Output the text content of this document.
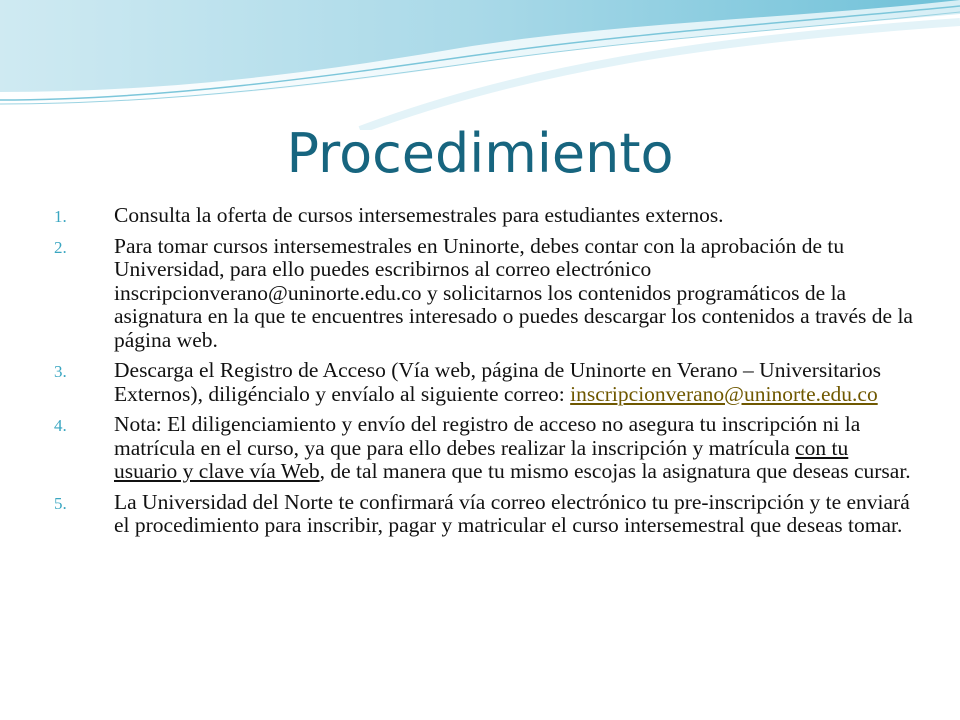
Procedimiento
1.	Consulta la oferta de cursos intersemestrales para estudiantes externos.
2.	Para tomar cursos intersemestrales en Uninorte, debes contar con la aprobación de tu Universidad, para ello puedes escribirnos al correo electrónico inscripcionverano@uninorte.edu.co y solicitarnos los contenidos programáticos de la asignatura en la que te encuentres interesado o puedes descargar los contenidos a través de la página web.
3.	Descarga el Registro de Acceso (Vía web, página de Uninorte en Verano – Universitarios Externos), diligéncialo y envíalo al siguiente correo: inscripcionverano@uninorte.edu.co
4.	Nota: El diligenciamiento y envío del registro de acceso no asegura tu inscripción ni la matrícula en el curso, ya que para ello debes realizar la inscripción y matrícula con tu usuario y clave vía Web, de tal manera que tu mismo escojas la asignatura que deseas cursar.
5.	La Universidad del Norte te confirmará vía correo electrónico tu pre-inscripción y te enviará el procedimiento para inscribir, pagar y matricular el curso intersemestral que deseas tomar.
